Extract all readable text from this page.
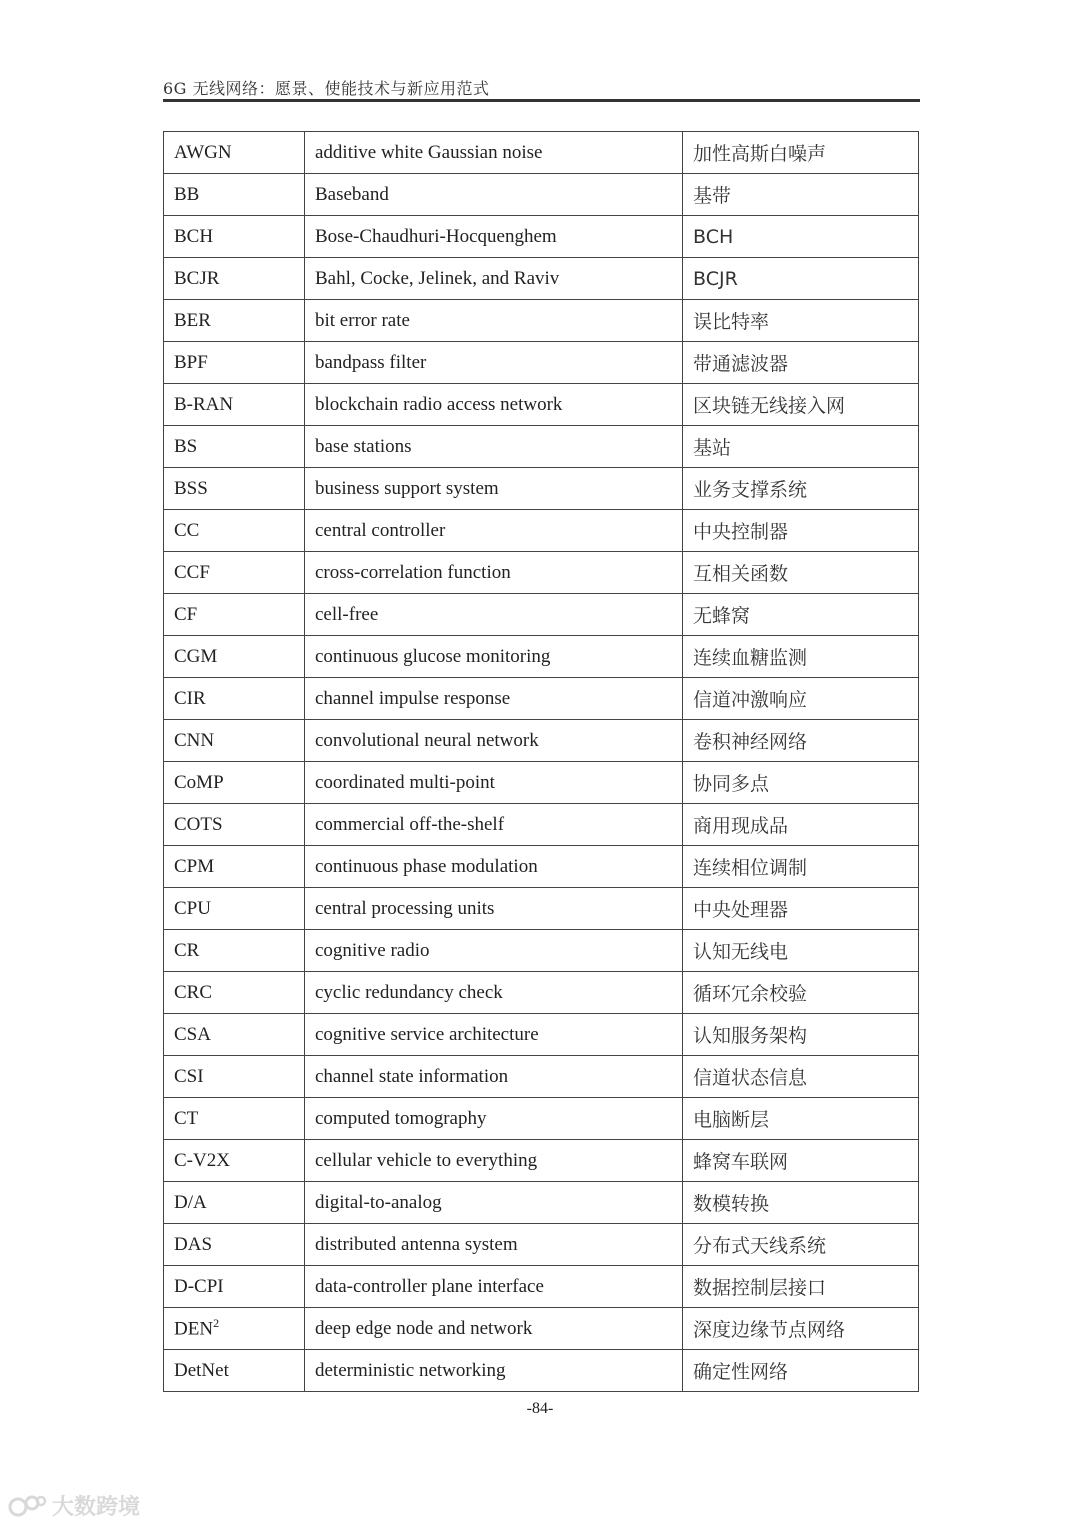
6G 无线网络：愿景、使能技术与新应用范式
AWGN	additive white Gaussian noise	加性高斯白噪声
BB	Baseband	基带
BCH	Bose-Chaudhuri-Hocquenghem	BCH
BCJR	Bahl, Cocke, Jelinek, and Raviv	BCJR
BER	bit error rate	误比特率
BPF	bandpass filter	带通滤波器
B-RAN	blockchain radio access network	区块链无线接入网
BS	base stations	基站
BSS	business support system	业务支撑系统
CC	central controller	中央控制器
CCF	cross-correlation function	互相关函数
CF	cell-free	无蜂窝
CGM	continuous glucose monitoring	连续血糖监测
CIR	channel impulse response	信道冲激响应
CNN	convolutional neural network	卷积神经网络
CoMP	coordinated multi-point	协同多点
COTS	commercial off-the-shelf	商用现成品
CPM	continuous phase modulation	连续相位调制
CPU	central processing units	中央处理器
CR	cognitive radio	认知无线电
CRC	cyclic redundancy check	循环冗余校验
CSA	cognitive service architecture	认知服务架构
CSI	channel state information	信道状态信息
CT	computed tomography	电脑断层
C-V2X	cellular vehicle to everything	蜂窝车联网
D/A	digital-to-analog	数模转换
DAS	distributed antenna system	分布式天线系统
D-CPI	data-controller plane interface	数据控制层接口
DEN$^2$	deep edge node and network	深度边缘节点网络
DetNet	deterministic networking	确定性网络
-84-
大数跨境
